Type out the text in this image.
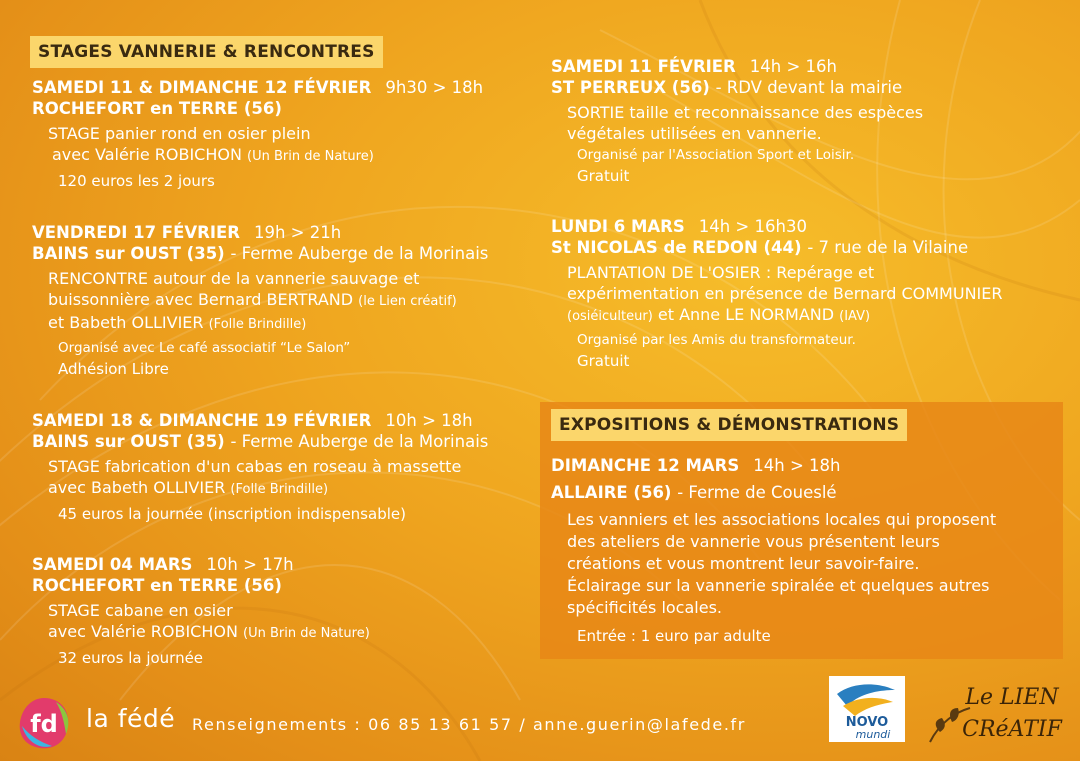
STAGES VANNERIE & RENCONTRES
SAMEDI 11 & DIMANCHE 12 FÉVRIER 9h30 > 18h
ROCHEFORT en TERRE (56)
STAGE panier rond en osier plein
avec Valérie ROBICHON (Un Brin de Nature)
120 euros les 2 jours
VENDREDI 17 FÉVRIER 19h > 21h
BAINS sur OUST (35) - Ferme Auberge de la Morinais
RENCONTRE autour de la vannerie sauvage et
buissonnière avec Bernard BERTRAND (le Lien créatif)
et Babeth OLLIVIER (Folle Brindille)
Organisé avec Le café associatif “Le Salon”
Adhésion Libre
SAMEDI 18 & DIMANCHE 19 FÉVRIER 10h > 18h
BAINS sur OUST (35) - Ferme Auberge de la Morinais
STAGE fabrication d'un cabas en roseau à massette
avec Babeth OLLIVIER (Folle Brindille)
45 euros la journée (inscription indispensable)
SAMEDI 04 MARS 10h > 17h
ROCHEFORT en TERRE (56)
STAGE cabane en osier
avec Valérie ROBICHON (Un Brin de Nature)
32 euros la journée
SAMEDI 11 FÉVRIER 14h > 16h
ST PERREUX (56) - RDV devant la mairie
SORTIE taille et reconnaissance des espèces
végétales utilisées en vannerie.
Organisé par l'Association Sport et Loisir.
Gratuit
LUNDI 6 MARS 14h > 16h30
St NICOLAS de REDON (44) - 7 rue de la Vilaine
PLANTATION DE L'OSIER : Repérage et
expérimentation en présence de Bernard COMMUNIER
(osiéiculteur) et Anne LE NORMAND (IAV)
Organisé par les Amis du transformateur.
Gratuit
EXPOSITIONS & DÉMONSTRATIONS
DIMANCHE 12 MARS 14h > 18h
ALLAIRE (56) - Ferme de Coueslé
Les vanniers et les associations locales qui proposent
des ateliers de vannerie vous présentent leurs
créations et vous montrent leur savoir-faire.
Éclairage sur la vannerie spiralée et quelques autres
spécificités locales.
Entrée : 1 euro par adulte
fd la fédé Renseignements : 06 85 13 61 57 / anne.guerin@lafede.fr	NOVO
mundi
Le LIEN
CRéATIF
